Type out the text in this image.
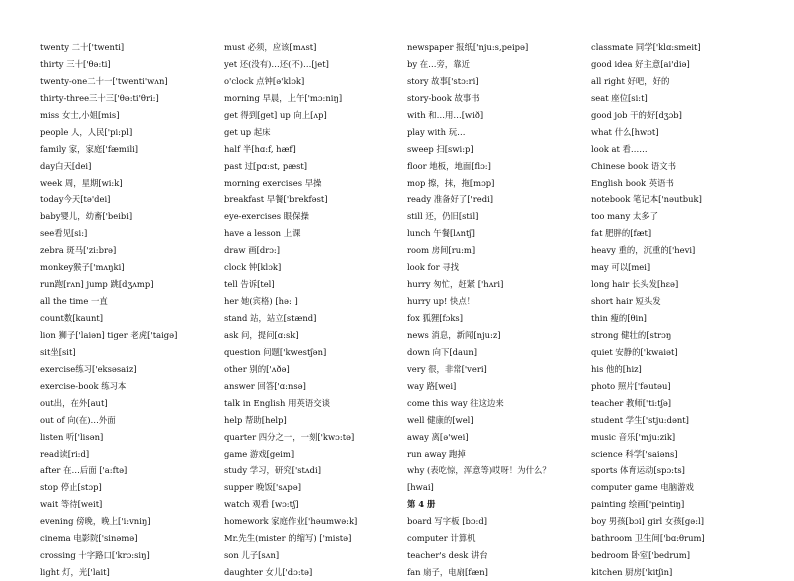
twenty 二十['twenti]
thirty 三十['θə:ti]
twenty-one二十一['twenti'wʌn]
thirty-three三十三['θə:ti'θri:]
miss 女士,小姐[mis]
people 人，人民['pi:pl]
family 家，家庭['fæmili]
day白天[dei]
week 周，星期[wi:k]
today今天[tə'dei]
baby婴儿，幼畜['beibi]
see看见[si:]
zebra 斑马['zi:brə]
monkey猴子['mʌŋki]
run跑[rʌn] jump 跳[dʒʌmp]
all the time 一直
count数[kaunt]
lion 狮子['laiən] tiger 老虎['taigə]
sit坐[sit]
exercise练习['eksəsaiz]
exercise-book 练习本
out出，在外[aut]
out of 向(在)…外面
listen 听['lisən]
read读[ri:d]
after 在…后面 ['a:ftə]
stop 停止[stɔp]
wait 等待[weit]
evening 傍晚，晚上['i:vniŋ]
cinema 电影院['sinəmə]
crossing 十字路口['krɔ:siŋ]
light 灯，光['lait]
must 必须，应该[mʌst]
yet 还(没有)…还(不)…[jet]
o'clock 点钟[ə'klɔk]
morning 早晨，上午['mɔ:niŋ]
get 得到[get] up 向上[ʌp]
get up 起床
half 半[hɑ:f, hæf]
past 过[pɑ:st, pæst]
morning exercises 早操
breakfast 早餐['brekfəst]
eye-exercises 眼保操
have a lesson 上课
draw 画[drɔ:]
clock 钟[klɔk]
tell 告诉[tel]
her 她(宾格) [hə: ]
stand 站，站立[stænd]
ask 问，提问[ɑ:sk]
question 问题['kwestʃən]
other 别的['ʌðə]
answer 回答['ɑ:nsə]
talk in English 用英语交谈
help 帮助[help]
quarter 四分之一，一刻['kwɔ:tə]
game 游戏[geim]
study 学习，研究['stʌdi]
supper 晚饭['sʌpə]
watch 观看 [wɔ:tʃ]
homework 家庭作业['həumwə:k]
Mr.先生(mister 的缩写) ['mistə]
son 儿子[sʌn]
daughter 女儿['dɔ:tə]
newspaper 报纸['nju:s,peipə]
by 在…旁，靠近
story 故事['stɔ:ri]
story-book 故事书
with 和…用…[wið]
play with 玩…
sweep 扫[swi:p]
floor 地板，地面[flɔ:]
mop 擦，抹，拖[mɔp]
ready 准备好了['redi]
still 还，仍旧[stil]
lunch 午餐[lʌntʃ]
room 房间[ru:m]
look for 寻找
hurry 匆忙，赶紧 ['hʌri]
hurry up! 快点！
fox 狐狸[fɔks]
news 消息，新闻[nju:z]
down 向下[daun]
very 很，非常['veri]
way 路[wei]
come this way 往这边来
well 健康的[wel]
away 离[ə'wei]
run away 跑掉
why (表吃惊，浑意等)哎呀！为什么？
[hwai]
第 4 册
board 写字板 [bɔ:d]
computer 计算机
teacher's desk 讲台
fan 扇子，电扇[fæn]
classmate 同学['klɑ:smeit]
good idea 好主意[ai'diə]
all right 好吧，好的
seat 座位[si:t]
good job 干的好[dʒɔb]
what 什么[hwɔt]
look at 看……
Chinese book 语文书
English book 英语书
notebook 笔记本['nəutbuk]
too many 太多了
fat 肥胖的[fæt]
heavy 重的，沉重的['hevi]
may 可以[mei]
long hair 长头发[hɛə]
short hair 短头发
thin 瘦的[θin]
strong 健壮的[strɔŋ
quiet 安静的['kwaiət]
his 他的[hiz]
photo 照片['fəutəu]
teacher 教师['ti:tʃə]
student 学生['stju:dənt]
music 音乐['mju:zik]
science 科学['saiəns]
sports 体育运动[spɔ:ts]
computer game 电脑游戏
painting 绘画['peintiŋ]
boy 男孩[bɔi] girl 女孩[gə:l]
bathroom 卫生间['bɑ:θrum]
bedroom 卧室['bedrum]
kitchen 厨房['kitʃin]
